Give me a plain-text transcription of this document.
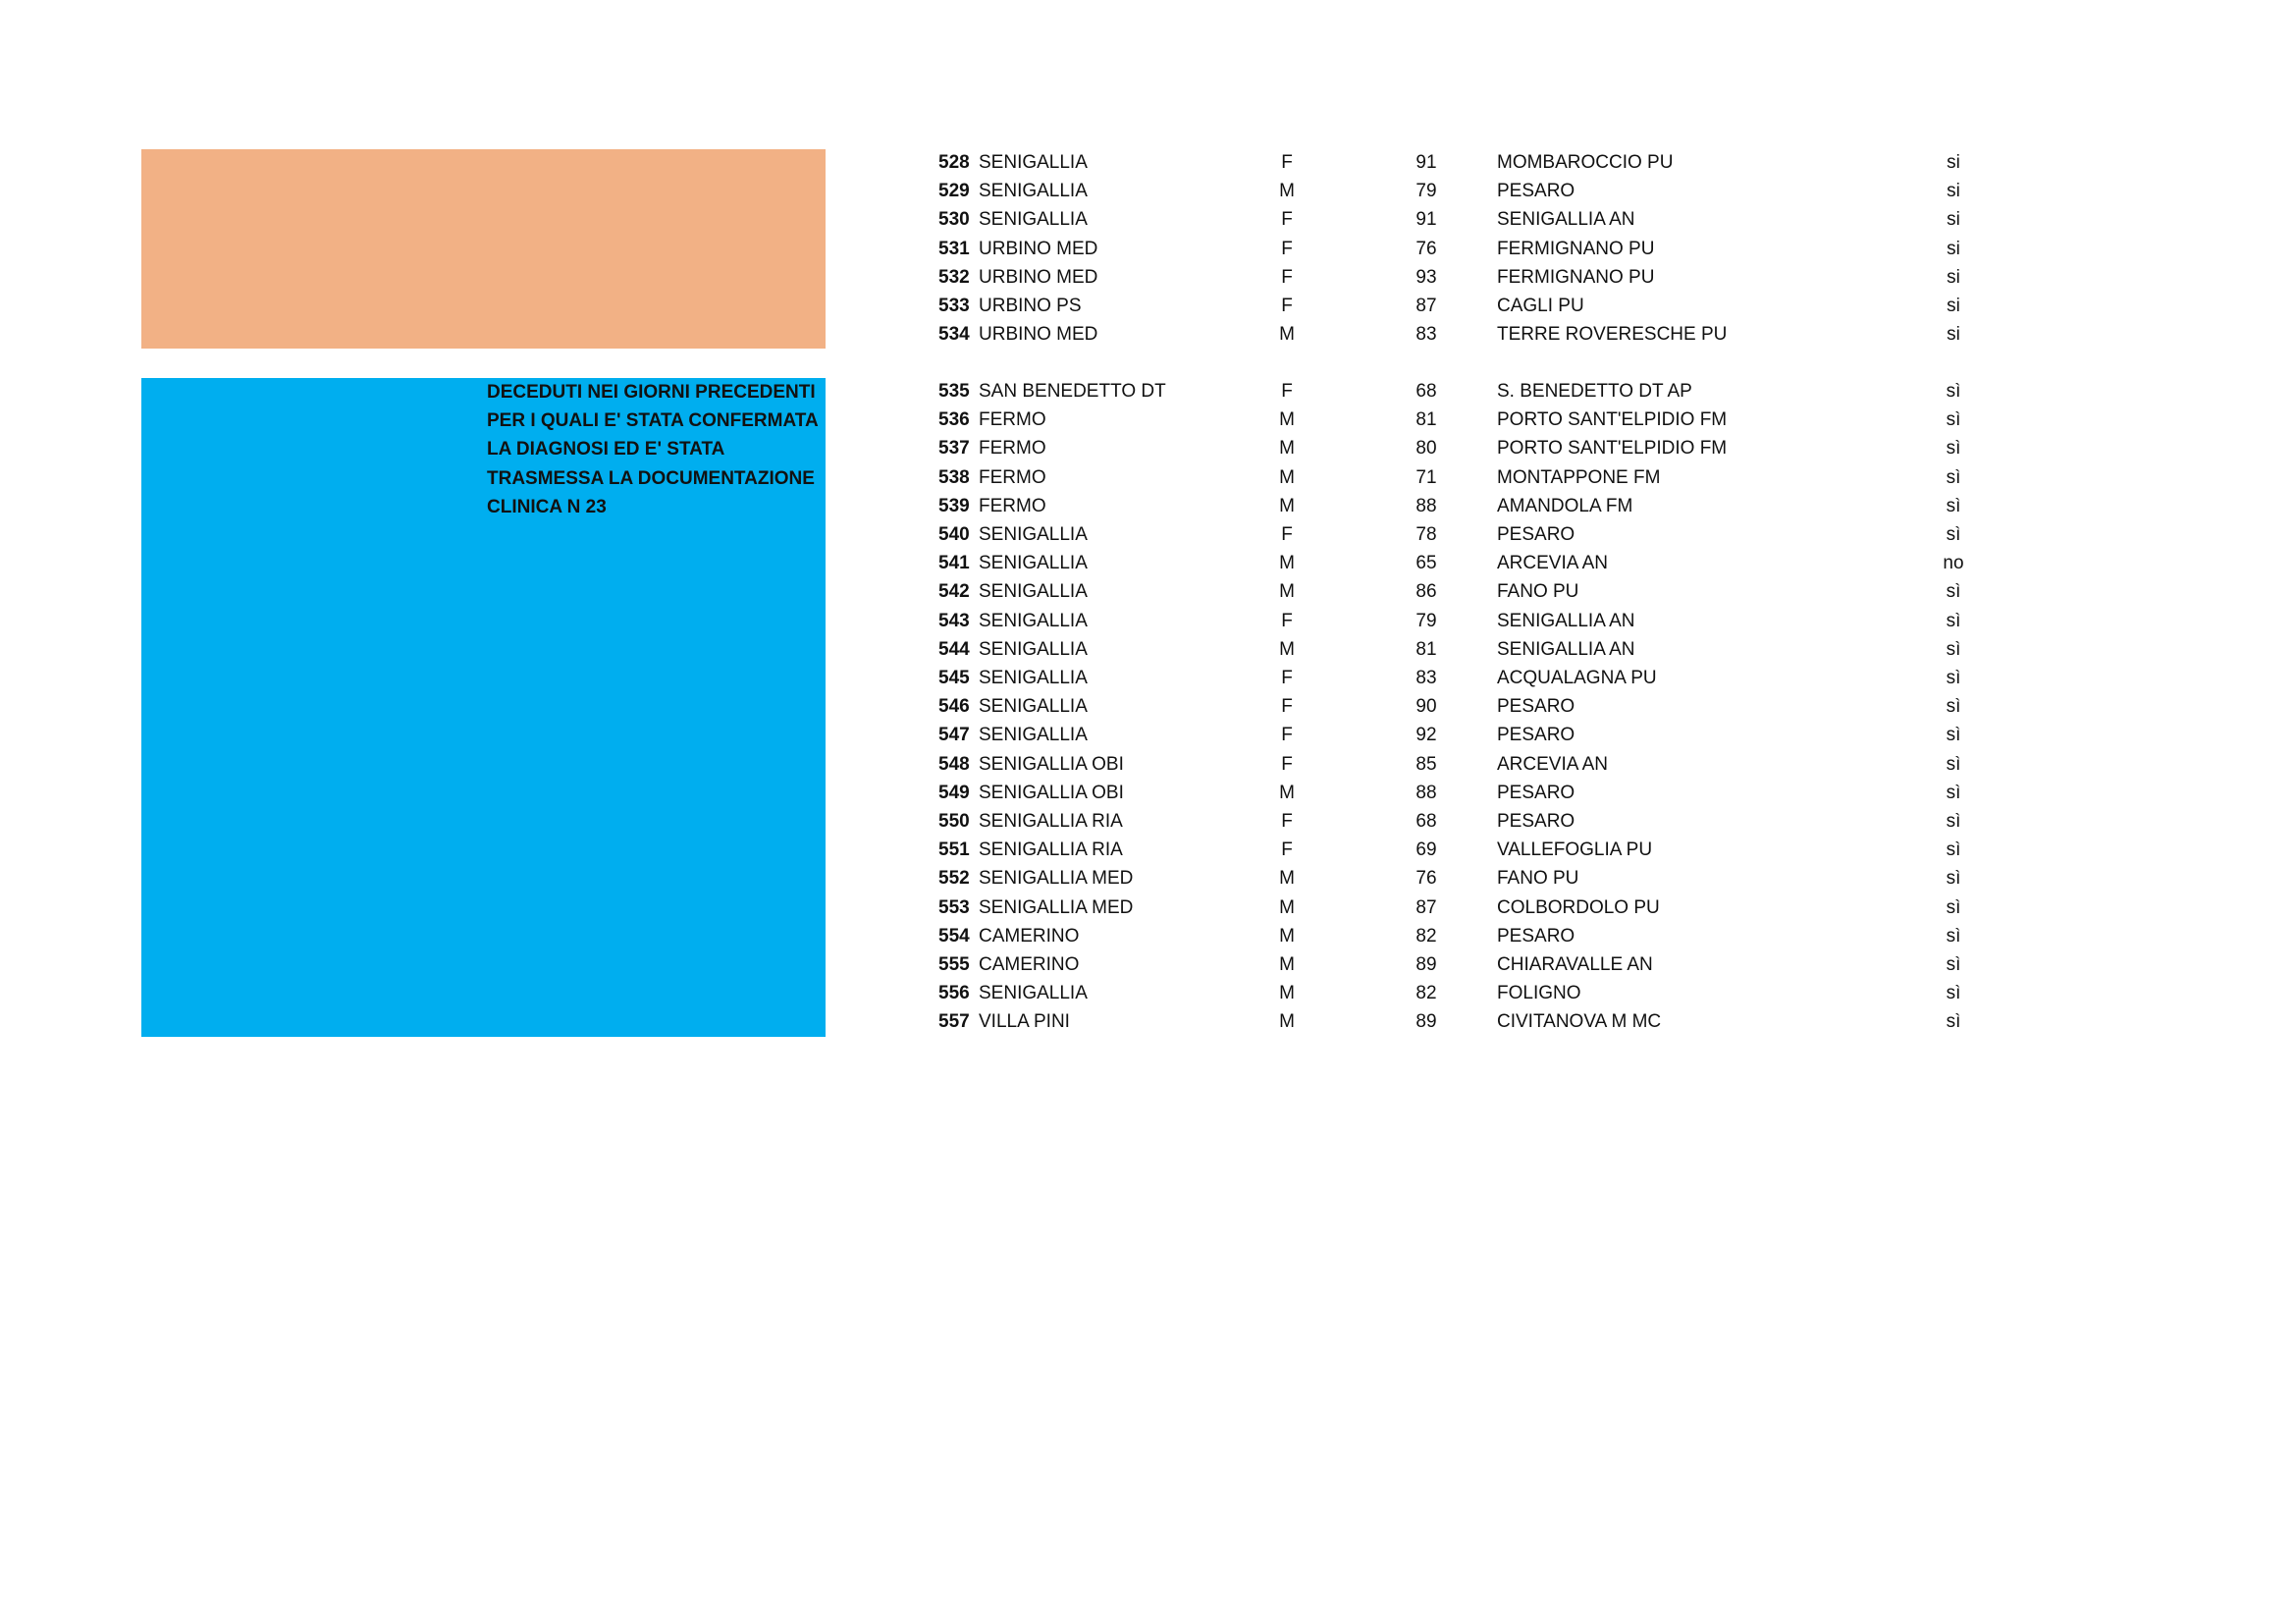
DECEDUTI NEI GIORNI PRECEDENTI PER I QUALI E' STATA CONFERMATA LA DIAGNOSI ED E' STATA TRASMESSA LA DOCUMENTAZIONE CLINICA N 23
528 SENIGALLIA	F	91	MOMBAROCCIO PU	si
529 SENIGALLIA	M	79	PESARO	si
530 SENIGALLIA	F	91	SENIGALLIA AN	si
531 URBINO MED	F	76	FERMIGNANO PU	si
532 URBINO MED	F	93	FERMIGNANO PU	si
533 URBINO PS	F	87	CAGLI PU	si
534 URBINO MED	M	83	TERRE ROVERESCHE PU	si
535 SAN BENEDETTO DT	F	68	S. BENEDETTO DT AP	sì
536 FERMO	M	81	PORTO SANT'ELPIDIO FM	sì
537 FERMO	M	80	PORTO SANT'ELPIDIO FM	sì
538 FERMO	M	71	MONTAPPONE FM	sì
539 FERMO	M	88	AMANDOLA FM	sì
540 SENIGALLIA	F	78	PESARO	sì
541 SENIGALLIA	M	65	ARCEVIA AN	no
542 SENIGALLIA	M	86	FANO PU	sì
543 SENIGALLIA	F	79	SENIGALLIA AN	sì
544 SENIGALLIA	M	81	SENIGALLIA AN	sì
545 SENIGALLIA	F	83	ACQUALAGNA PU	sì
546 SENIGALLIA	F	90	PESARO	sì
547 SENIGALLIA	F	92	PESARO	sì
548 SENIGALLIA OBI	F	85	ARCEVIA AN	sì
549 SENIGALLIA OBI	M	88	PESARO	sì
550 SENIGALLIA RIA	F	68	PESARO	sì
551 SENIGALLIA RIA	F	69	VALLEFOGLIA PU	sì
552 SENIGALLIA MED	M	76	FANO PU	sì
553 SENIGALLIA MED	M	87	COLBORDOLO PU	sì
554 CAMERINO	M	82	PESARO	sì
555 CAMERINO	M	89	CHIARAVALLE AN	sì
556 SENIGALLIA	M	82	FOLIGNO	sì
557 VILLA PINI	M	89	CIVITANOVA M MC	sì
